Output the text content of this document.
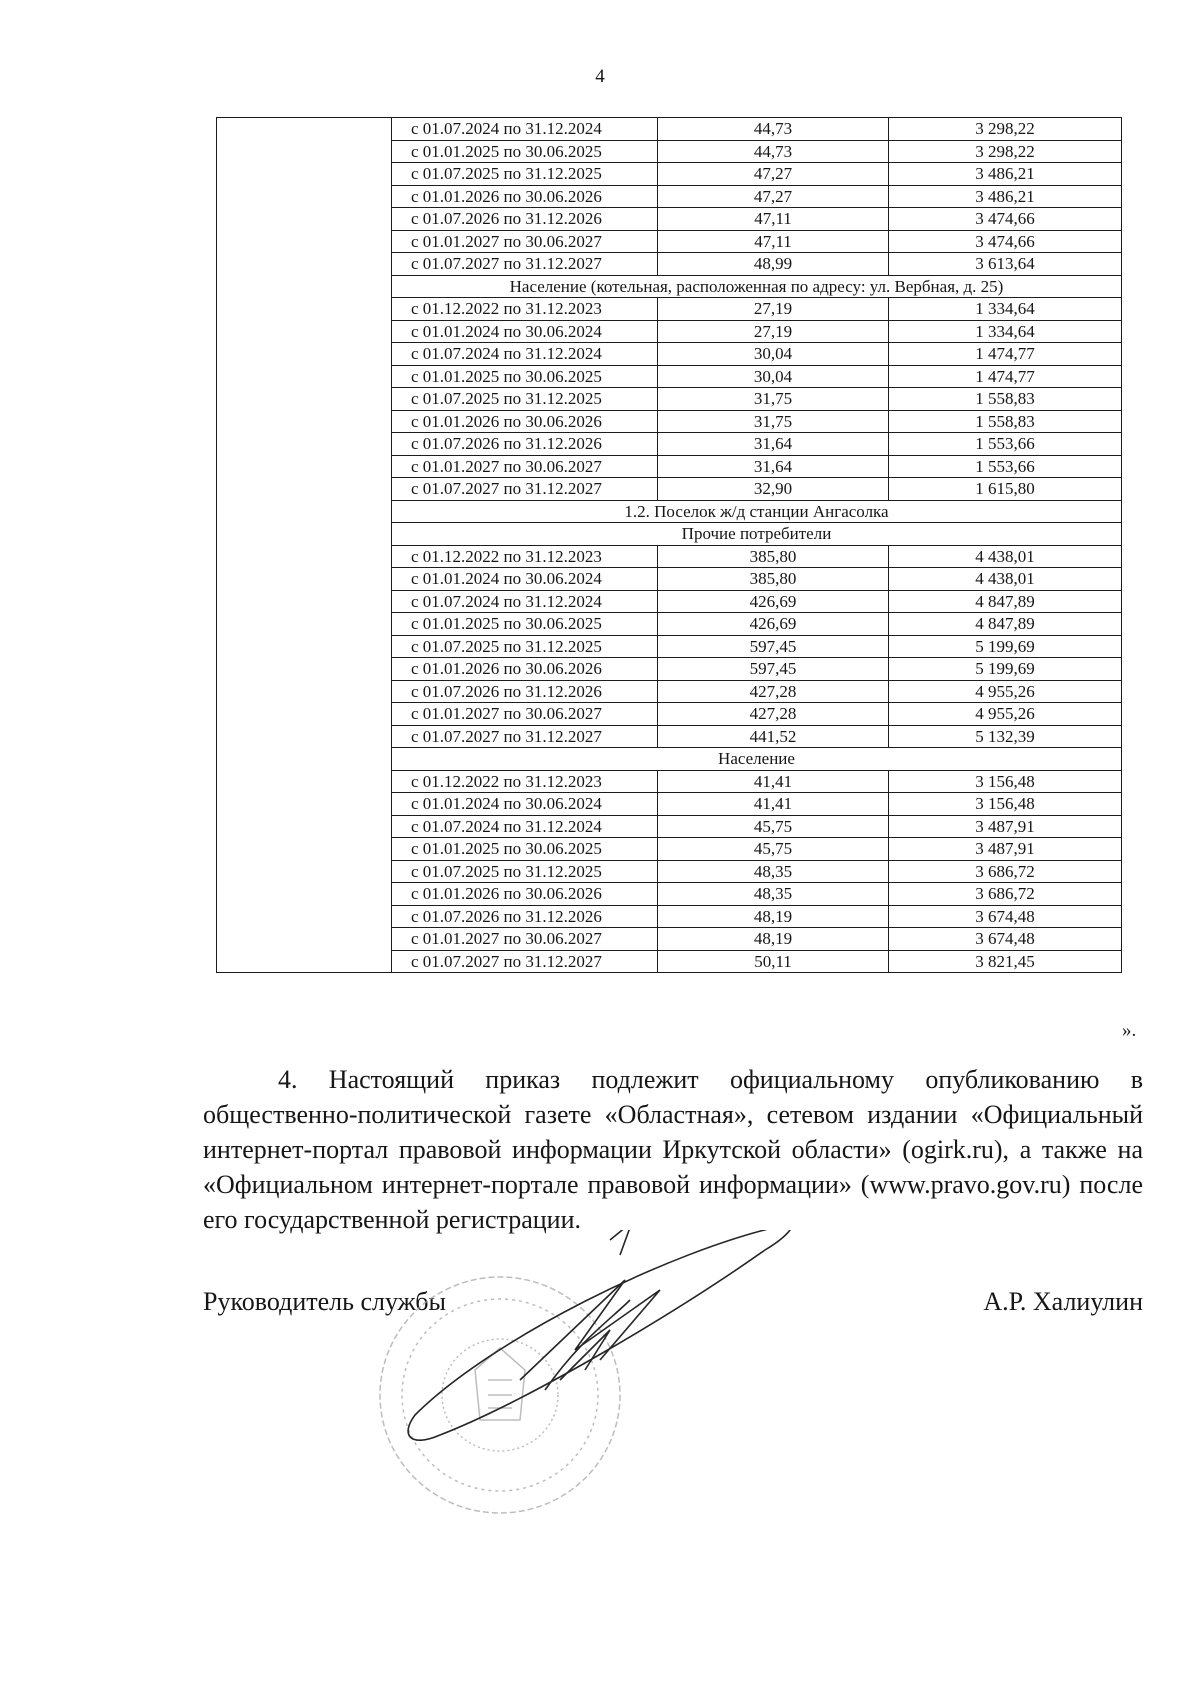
4
	с 01.07.2024 по 31.12.2024	44,73	3 298,22
	с 01.01.2025 по 30.06.2025	44,73	3 298,22
	с 01.07.2025 по 31.12.2025	47,27	3 486,21
	с 01.01.2026 по 30.06.2026	47,27	3 486,21
	с 01.07.2026 по 31.12.2026	47,11	3 474,66
	с 01.01.2027 по 30.06.2027	47,11	3 474,66
	с 01.07.2027 по 31.12.2027	48,99	3 613,64
	Население (котельная, расположенная по адресу: ул. Вербная, д. 25)		
	с 01.12.2022 по 31.12.2023	27,19	1 334,64
	с 01.01.2024 по 30.06.2024	27,19	1 334,64
	с 01.07.2024 по 31.12.2024	30,04	1 474,77
	с 01.01.2025 по 30.06.2025	30,04	1 474,77
	с 01.07.2025 по 31.12.2025	31,75	1 558,83
	с 01.01.2026 по 30.06.2026	31,75	1 558,83
	с 01.07.2026 по 31.12.2026	31,64	1 553,66
	с 01.01.2027 по 30.06.2027	31,64	1 553,66
	с 01.07.2027 по 31.12.2027	32,90	1 615,80
	1.2. Поселок ж/д станции Ангасолка		
	Прочие потребители		
	с 01.12.2022 по 31.12.2023	385,80	4 438,01
	с 01.01.2024 по 30.06.2024	385,80	4 438,01
	с 01.07.2024 по 31.12.2024	426,69	4 847,89
	с 01.01.2025 по 30.06.2025	426,69	4 847,89
	с 01.07.2025 по 31.12.2025	597,45	5 199,69
	с 01.01.2026 по 30.06.2026	597,45	5 199,69
	с 01.07.2026 по 31.12.2026	427,28	4 955,26
	с 01.01.2027 по 30.06.2027	427,28	4 955,26
	с 01.07.2027 по 31.12.2027	441,52	5 132,39
	Население		
	с 01.12.2022 по 31.12.2023	41,41	3 156,48
	с 01.01.2024 по 30.06.2024	41,41	3 156,48
	с 01.07.2024 по 31.12.2024	45,75	3 487,91
	с 01.01.2025 по 30.06.2025	45,75	3 487,91
	с 01.07.2025 по 31.12.2025	48,35	3 686,72
	с 01.01.2026 по 30.06.2026	48,35	3 686,72
	с 01.07.2026 по 31.12.2026	48,19	3 674,48
	с 01.01.2027 по 30.06.2027	48,19	3 674,48
	с 01.07.2027 по 31.12.2027	50,11	3 821,45
».

4. Настоящий приказ подлежит официальному опубликованию в общественно-политической газете «Областная», сетевом издании «Официальный интернет-портал правовой информации Иркутской области» (ogirk.ru), а также на «Официальном интернет-портале правовой информации» (www.pravo.gov.ru) после его государственной регистрации.

Руководитель службы	А.Р. Халиулин
